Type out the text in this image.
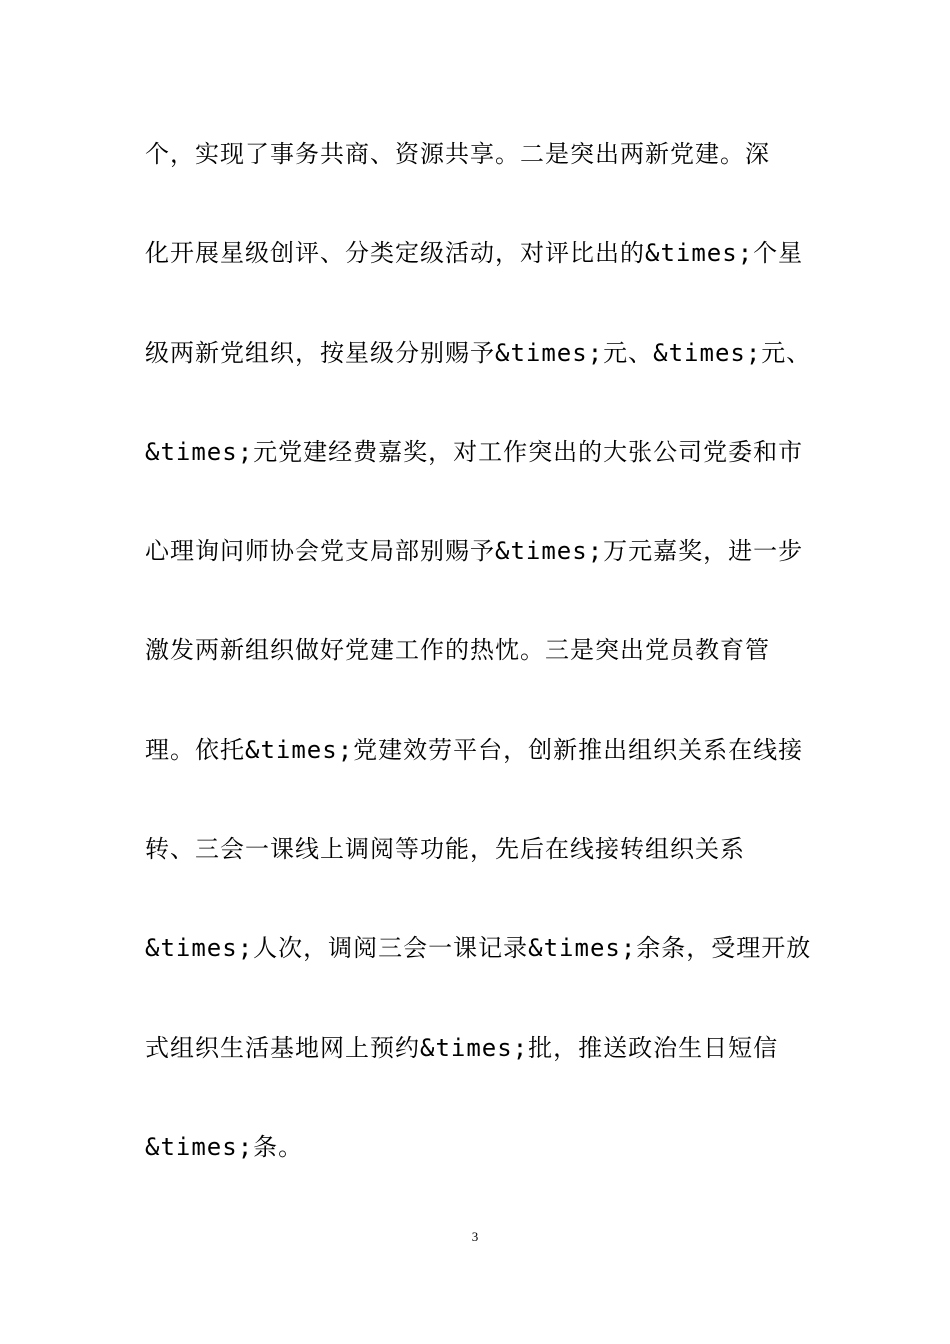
个，实现了事务共商、资源共享。二是突出两新党建。深
化开展星级创评、分类定级活动，对评比出的&times;个星
级两新党组织，按星级分别赐予&times;元、&times;元、
&times;元党建经费嘉奖，对工作突出的大张公司党委和市
心理询问师协会党支局部别赐予&times;万元嘉奖，进一步
激发两新组织做好党建工作的热忱。三是突出党员教育管
理。依托&times;党建效劳平台，创新推出组织关系在线接
转、三会一课线上调阅等功能，先后在线接转组织关系
&times;人次，调阅三会一课记录&times;余条，受理开放
式组织生活基地网上预约&times;批，推送政治生日短信
&times;条。
3
